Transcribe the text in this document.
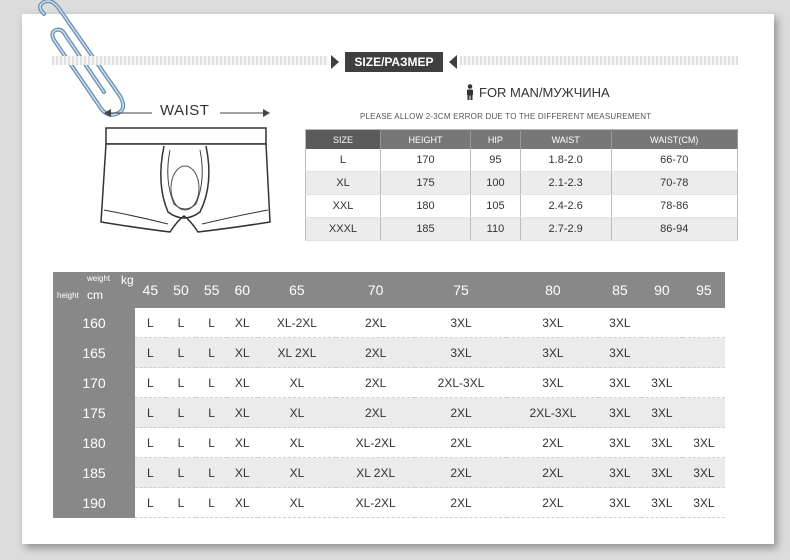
SIZE/РАЗМЕР
WAIST
FOR MAN/МУЖЧИНА
PLEASE ALLOW 2-3CM ERROR DUE TO THE DIFFERENT MEASUREMENT
SIZE	HEIGHT	HIP	WAIST	WAIST(CM)
L	170	95	1.8-2.0	66-70
XL	175	100	2.1-2.3	70-78
XXL	180	105	2.4-2.6	78-86
XXXL	185	110	2.7-2.9	86-94
weight kg
height cm	45	50	55	60	65	70	75	80	85	90	95
160	L	L	L	XL	XL-2XL	2XL	3XL	3XL	3XL		
165	L	L	L	XL	XL 2XL	2XL	3XL	3XL	3XL		
170	L	L	L	XL	XL	2XL	2XL-3XL	3XL	3XL	3XL	
175	L	L	L	XL	XL	2XL	2XL	2XL-3XL	3XL	3XL	
180	L	L	L	XL	XL	XL-2XL	2XL	2XL	3XL	3XL	3XL
185	L	L	L	XL	XL	XL 2XL	2XL	2XL	3XL	3XL	3XL
190	L	L	L	XL	XL	XL-2XL	2XL	2XL	3XL	3XL	3XL
